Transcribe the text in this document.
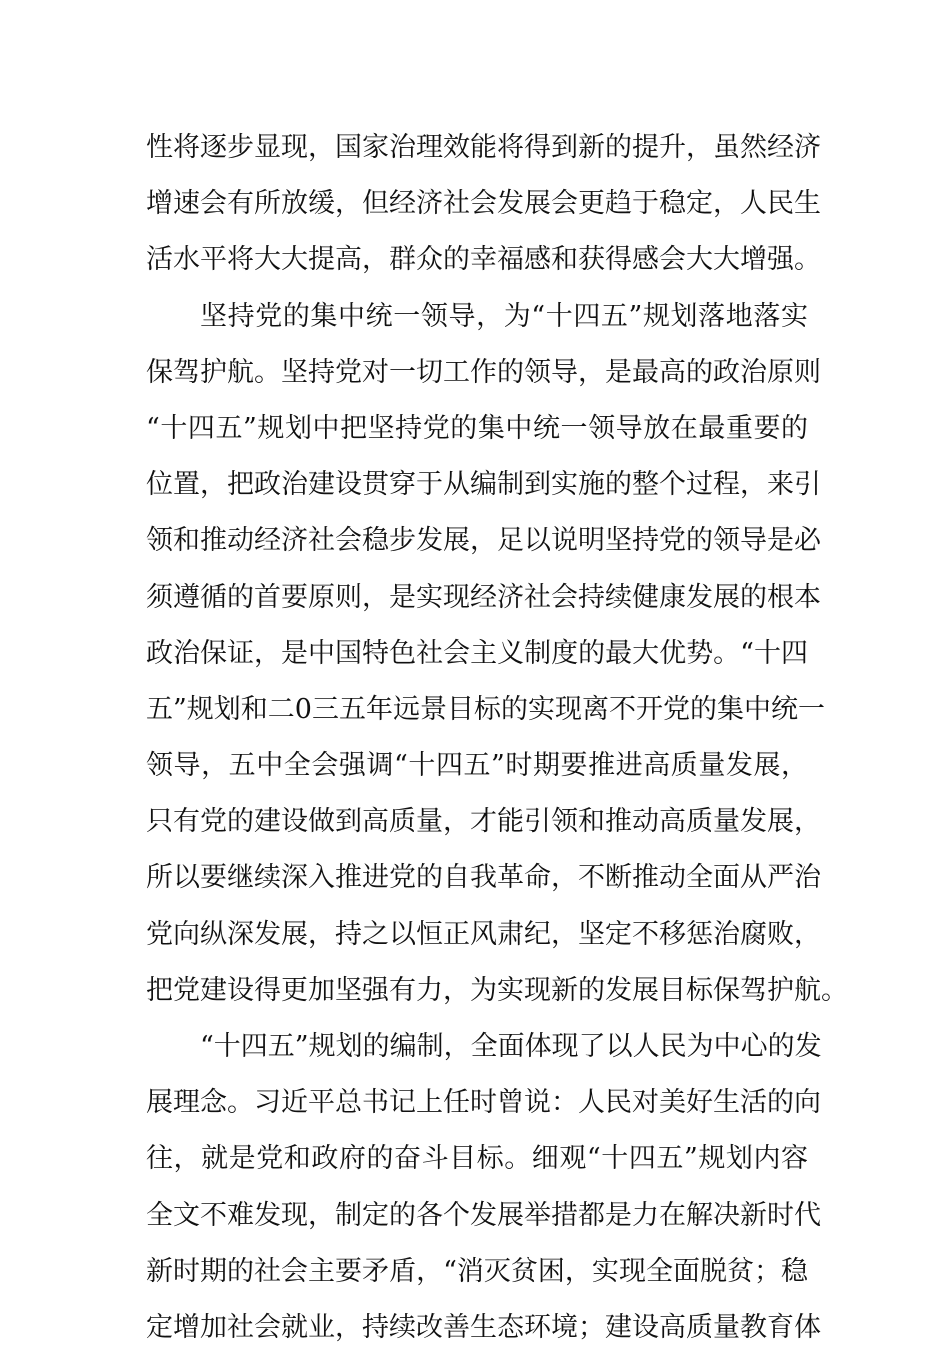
性将逐步显现，国家治理效能将得到新的提升，虽然经济
增速会有所放缓，但经济社会发展会更趋于稳定，人民生
活水平将大大提高，群众的幸福感和获得感会大大增强。
坚持党的集中统一领导，为“十四五”规划落地落实
保驾护航。坚持党对一切工作的领导，是最高的政治原则
“十四五”规划中把坚持党的集中统一领导放在最重要的
位置，把政治建设贯穿于从编制到实施的整个过程，来引
领和推动经济社会稳步发展，足以说明坚持党的领导是必
须遵循的首要原则，是实现经济社会持续健康发展的根本
政治保证，是中国特色社会主义制度的最大优势。“十四
五”规划和二0三五年远景目标的实现离不开党的集中统一
领导，五中全会强调“十四五”时期要推进高质量发展，
只有党的建设做到高质量，才能引领和推动高质量发展，
所以要继续深入推进党的自我革命，不断推动全面从严治
党向纵深发展，持之以恒正风肃纪，坚定不移惩治腐败，
把党建设得更加坚强有力，为实现新的发展目标保驾护航。
“十四五”规划的编制，全面体现了以人民为中心的发
展理念。习近平总书记上任时曾说：人民对美好生活的向
往，就是党和政府的奋斗目标。细观“十四五”规划内容
全文不难发现，制定的各个发展举措都是力在解决新时代
新时期的社会主要矛盾，“消灭贫困，实现全面脱贫；稳
定增加社会就业，持续改善生态环境；建设高质量教育体
